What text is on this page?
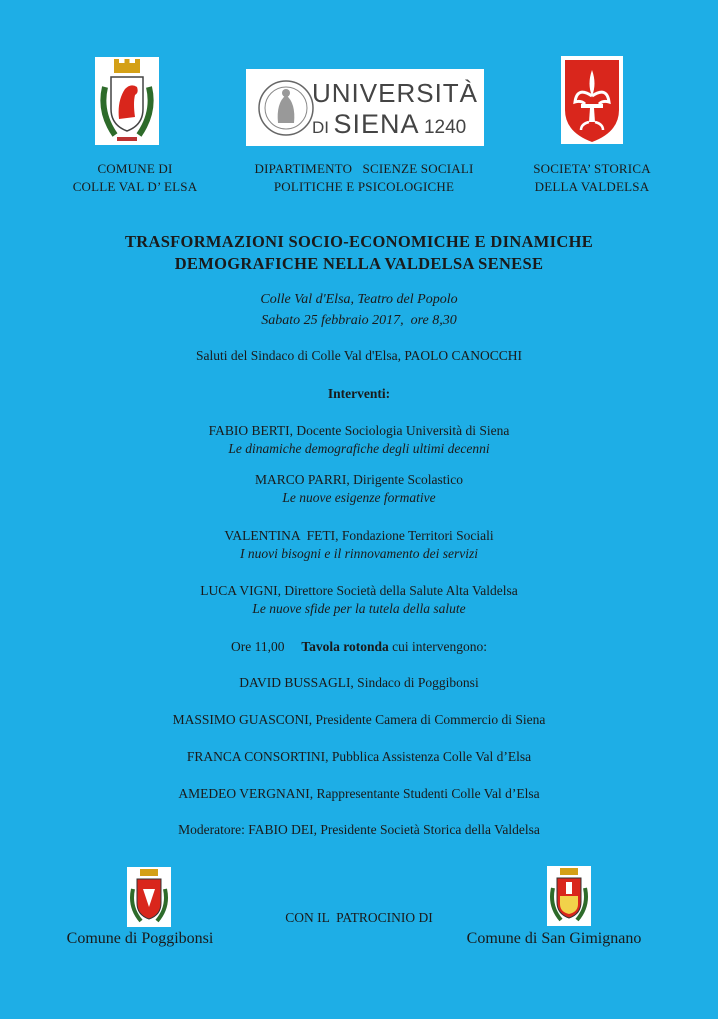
UNIVERSITÀ
DI SIENA 1240
COMUNE DI
COLLE VAL D’ ELSA
DIPARTIMENTO   SCIENZE SOCIALI
POLITICHE E PSICOLOGICHE
SOCIETA’ STORICA
DELLA VALDELSA
TRASFORMAZIONI SOCIO-ECONOMICHE E DINAMICHE
DEMOGRAFICHE NELLA VALDELSA SENESE
Colle Val d'Elsa, Teatro del Popolo
Sabato 25 febbraio 2017,  ore 8,30
Saluti del Sindaco di Colle Val d'Elsa, PAOLO CANOCCHI
Interventi:
FABIO BERTI, Docente Sociologia Università di Siena
Le dinamiche demografiche degli ultimi decenni
MARCO PARRI, Dirigente Scolastico
Le nuove esigenze formative
VALENTINA  FETI, Fondazione Territori Sociali
I nuovi bisogni e il rinnovamento dei servizi
LUCA VIGNI, Direttore Società della Salute Alta Valdelsa
Le nuove sfide per la tutela della salute
Ore 11,00 Tavola rotonda cui intervengono:
DAVID BUSSAGLI, Sindaco di Poggibonsi
MASSIMO GUASCONI, Presidente Camera di Commercio di Siena
FRANCA CONSORTINI, Pubblica Assistenza Colle Val d’Elsa
AMEDEO VERGNANI, Rappresentante Studenti Colle Val d’Elsa
Moderatore: FABIO DEI, Presidente Società Storica della Valdelsa
CON IL  PATROCINIO DI
Comune di Poggibonsi	Comune di San Gimignano
